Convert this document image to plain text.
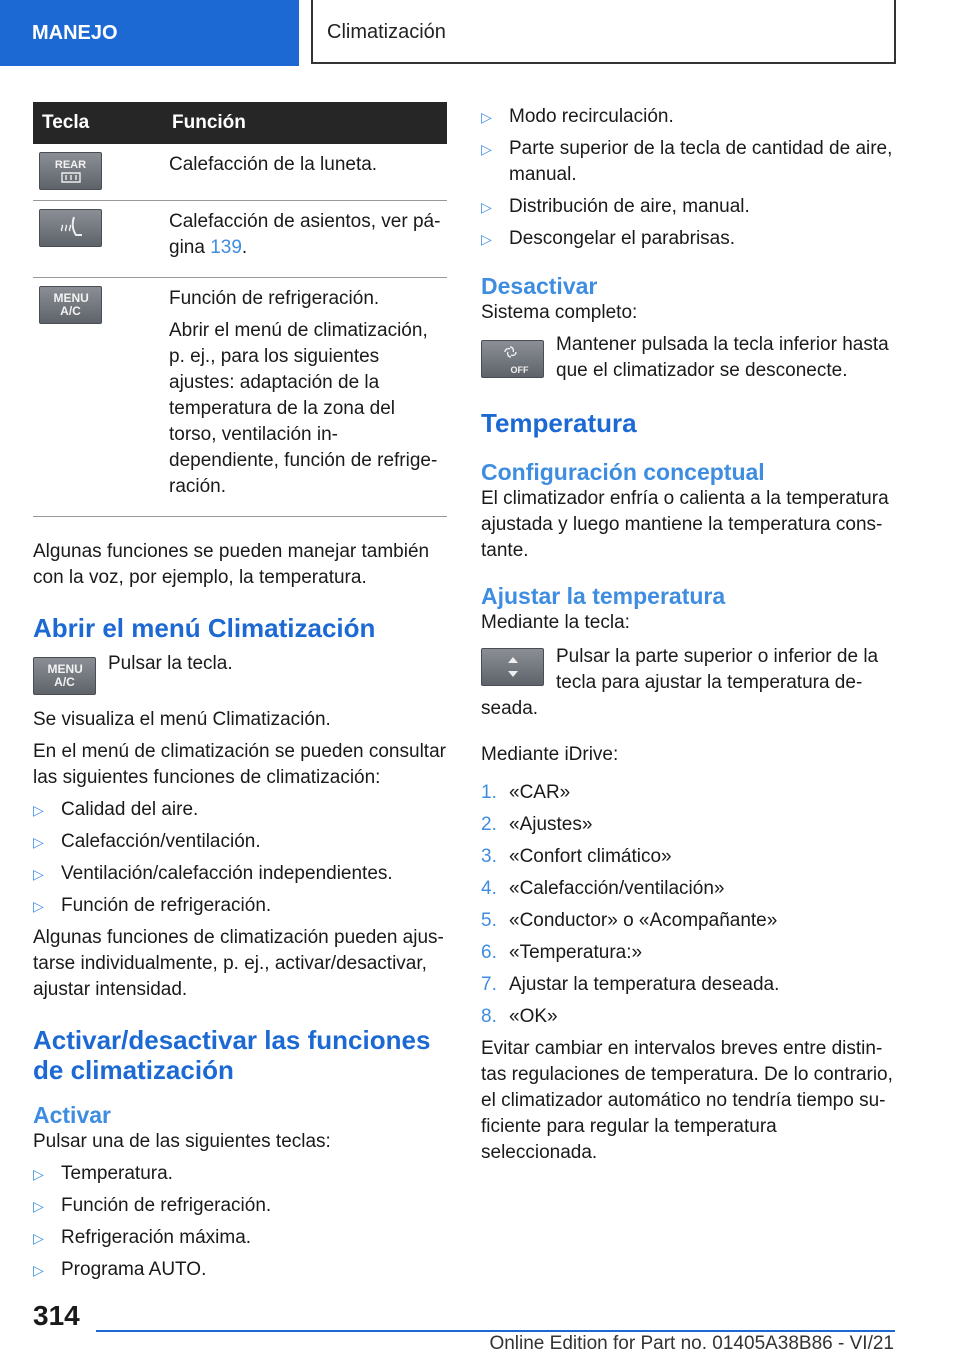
MANEJO	Climatización
Tecla	Función

REAR	Calefacción de la luneta.

Calefacción de asientos, ver pá-gina 139.

MENU A/C	Función de refrigeración.

Abrir el menú de climatización, p. ej., para los siguientes ajustes: adaptación de la temperatura de la zona del torso, ventilación in-dependiente, función de refrige-ración.

Algunas funciones se pueden manejar también con la voz, por ejemplo, la temperatura.

Abrir el menú Climatización
MENU A/C

Pulsar la tecla.

Se visualiza el menú Climatización.

En el menú de climatización se pueden consultar las siguientes funciones de climatización:

▷ Calidad del aire.
▷ Calefacción/ventilación.
▷ Ventilación/calefacción independientes.
▷ Función de refrigeración.

Algunas funciones de climatización pueden ajus-tarse individualmente, p. ej., activar/desactivar, ajustar intensidad.

Activar/desactivar las funciones de climatización
Activar

Pulsar una de las siguientes teclas:

▷ Temperatura.
▷ Función de refrigeración.
▷ Refrigeración máxima.
▷ Programa AUTO.
▷ Modo recirculación.
▷ Parte superior de la tecla de cantidad de aire, manual.
▷ Distribución de aire, manual.
▷ Descongelar el parabrisas.
Desactivar

Sistema completo:

OFF

Mantener pulsada la tecla inferior hasta que el climatizador se desconecte.

Temperatura
Configuración conceptual

El climatizador enfría o calienta a la temperatura ajustada y luego mantiene la temperatura cons-tante.

Ajustar la temperatura

Mediante la tecla:

Pulsar la parte superior o inferior de la tecla para ajustar la temperatura de-seada.

Mediante iDrive:

1. «CAR»
2. «Ajustes»
3. «Confort climático»
4. «Calefacción/ventilación»
5. «Conductor» o «Acompañante»
6. «Temperatura:»
7. Ajustar la temperatura deseada.
8. «OK»

Evitar cambiar en intervalos breves entre distin-tas regulaciones de temperatura. De lo contrario, el climatizador automático no tendría tiempo su-ficiente para regular la temperatura seleccionada.

314
Online Edition for Part no. 01405A38B86 - VI/21
